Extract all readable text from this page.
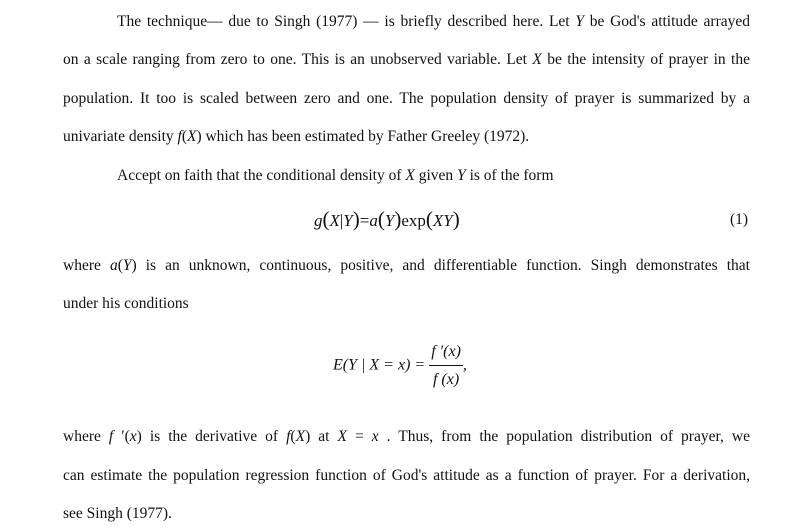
The technique— due to Singh (1977) — is briefly described here. Let Y be God's attitude arrayed
on a scale ranging from zero to one. This is an unobserved variable. Let X be the intensity of prayer in the
population. It too is scaled between zero and one. The population density of prayer is summarized by a
univariate density f(X) which has been estimated by Father Greeley (1972).
Accept on faith that the conditional density of X given Y is of the form
g(X|Y)=a(Y)exp(XY)	(1)
where a(Y) is an unknown, continuous, positive, and differentiable function. Singh demonstrates that
under his conditions
E(Y | $X = x) = \frac{f '(x)}{f (x)}$ ,
where f ′(x) is the derivative of f(X) at X = x . Thus, from the population distribution of prayer, we
can estimate the population regression function of God's attitude as a function of prayer. For a derivation,
see Singh (1977).
